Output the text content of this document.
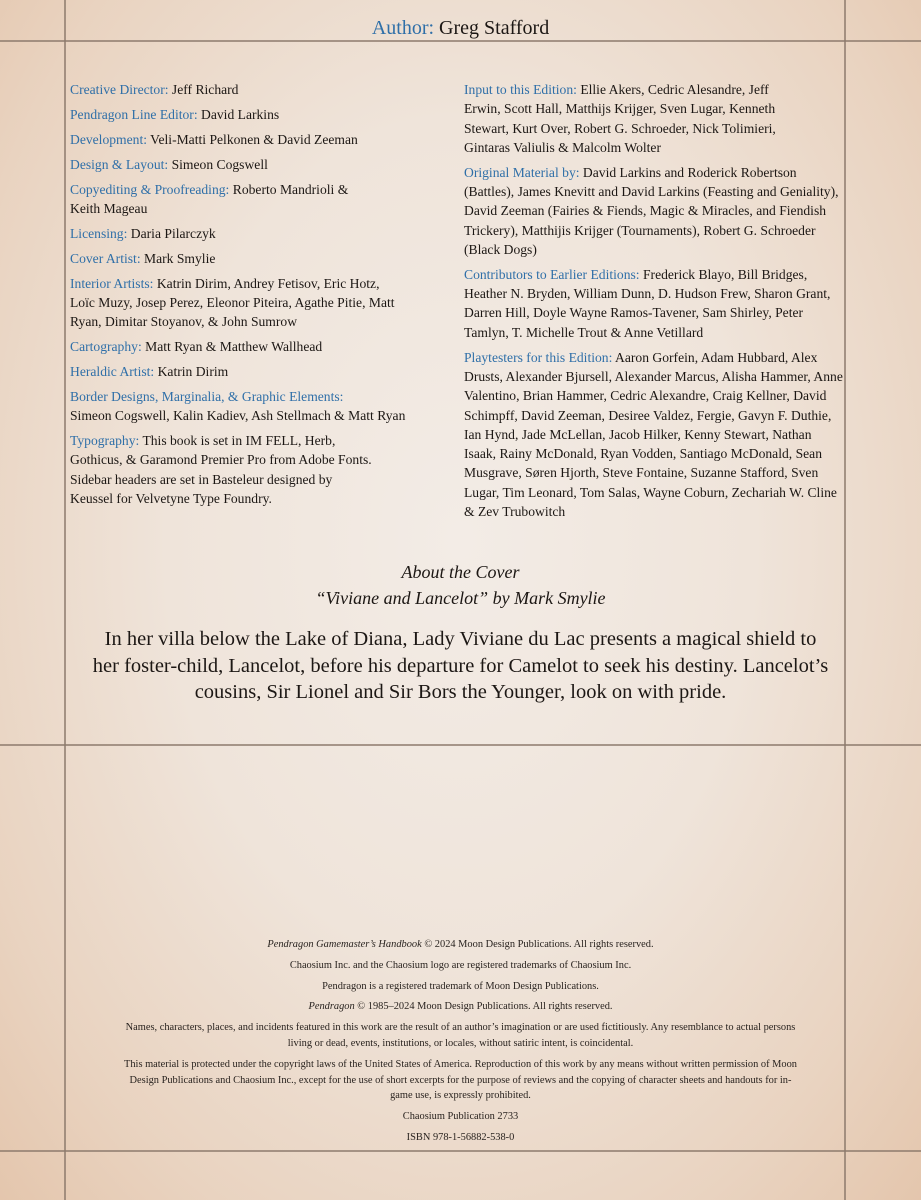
Author: Greg Stafford
Creative Director: Jeff Richard
Pendragon Line Editor: David Larkins
Development: Veli-Matti Pelkonen & David Zeeman
Design & Layout: Simeon Cogswell
Copyediting & Proofreading: Roberto Mandrioli & Keith Mageau
Licensing: Daria Pilarczyk
Cover Artist: Mark Smylie
Interior Artists: Katrin Dirim, Andrey Fetisov, Eric Hotz, Loïc Muzy, Josep Perez, Eleonor Piteira, Agathe Pitie, Matt Ryan, Dimitar Stoyanov, & John Sumrow
Cartography: Matt Ryan & Matthew Wallhead
Heraldic Artist: Katrin Dirim
Border Designs, Marginalia, & Graphic Elements:
Simeon Cogswell, Kalin Kadiev, Ash Stellmach & Matt Ryan
Typography: This book is set in IM FELL, Herb, Gothicus, & Garamond Premier Pro from Adobe Fonts. Sidebar headers are set in Basteleur designed by Keussel for Velvetyne Type Foundry.
Input to this Edition: Ellie Akers, Cedric Alesandre, Jeff Erwin, Scott Hall, Matthijs Krijger, Sven Lugar, Kenneth Stewart, Kurt Over, Robert G. Schroeder, Nick Tolimieri, Gintaras Valiulis & Malcolm Wolter
Original Material by: David Larkins and Roderick Robertson (Battles), James Knevitt and David Larkins (Feasting and Geniality), David Zeeman (Fairies & Fiends, Magic & Miracles, and Fiendish Trickery), Matthijis Krijger (Tournaments), Robert G. Schroeder (Black Dogs)
Contributors to Earlier Editions: Frederick Blayo, Bill Bridges, Heather N. Bryden, William Dunn, D. Hudson Frew, Sharon Grant, Darren Hill, Doyle Wayne Ramos-Tavener, Sam Shirley, Peter Tamlyn, T. Michelle Trout & Anne Vetillard
Playtesters for this Edition: Aaron Gorfein, Adam Hubbard, Alex Drusts, Alexander Bjursell, Alexander Marcus, Alisha Hammer, Anne Valentino, Brian Hammer, Cedric Alexandre, Craig Kellner, David Schimpff, David Zeeman, Desiree Valdez, Fergie, Gavyn F. Duthie, Ian Hynd, Jade McLellan, Jacob Hilker, Kenny Stewart, Nathan Isaak, Rainy McDonald, Ryan Vodden, Santiago McDonald, Sean Musgrave, Søren Hjorth, Steve Fontaine, Suzanne Stafford, Sven Lugar, Tim Leonard, Tom Salas, Wayne Coburn, Zechariah W. Cline & Zev Trubowitch
About the Cover
“Viviane and Lancelot” by Mark Smylie
In her villa below the Lake of Diana, Lady Viviane du Lac presents a magical shield to her foster-child, Lancelot, before his departure for Camelot to seek his destiny. Lancelot’s cousins, Sir Lionel and Sir Bors the Younger, look on with pride.

Pendragon Gamemaster’s Handbook © 2024 Moon Design Publications. All rights reserved.

Chaosium Inc. and the Chaosium logo are registered trademarks of Chaosium Inc.

Pendragon is a registered trademark of Moon Design Publications.

Pendragon © 1985–2024 Moon Design Publications. All rights reserved.

Names, characters, places, and incidents featured in this work are the result of an author’s imagination or are used fictitiously. Any resemblance to actual persons living or dead, events, institutions, or locales, without satiric intent, is coincidental.

This material is protected under the copyright laws of the United States of America. Reproduction of this work by any means without written permission of Moon Design Publications and Chaosium Inc., except for the use of short excerpts for the purpose of reviews and the copying of character sheets and handouts for in-game use, is expressly prohibited.

Chaosium Publication 2733

ISBN 978-1-56882-538-0
